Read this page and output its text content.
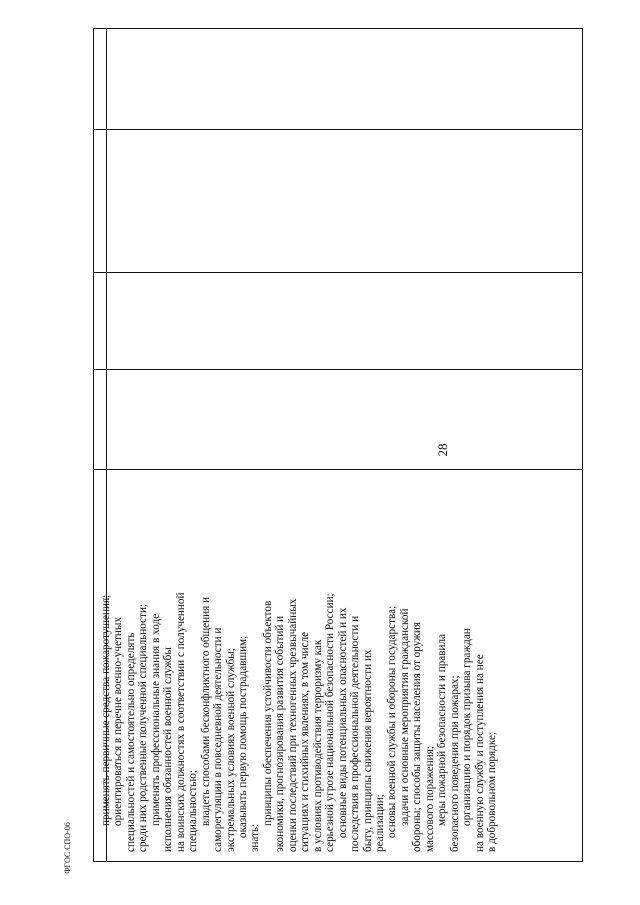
28

применять первичные средства пожаротушения; ориентироваться в перечне военно-учетных специальностей и самостоятельно определять среди них родственные полученной специальности; применять профессиональные знания в ходе исполнения обязанностей военной службы на воинских должностях в соответствии с полученной специальностью; владеть способами бесконфликтного общения и саморегуляции в повседневной деятельности и экстремальных условиях военной службы; оказывать первую помощь пострадавшим; знать:

принципы обеспечения устойчивости объектов экономики, прогнозирования развития событий и оценки последствий при техногенных чрезвычайных ситуациях и стихийных явлениях, в том числе в условиях противодействия терроризму как серьезной угрозе национальной безопасности России; основные виды потенциальных опасностей и их последствия в профессиональной деятельности и быту, принципы снижения вероятности их реализации; основы военной службы и обороны государства; задачи и основные мероприятия гражданской обороны; способы защиты населения от оружия массового поражения; меры пожарной безопасности и правила безопасного поведения при пожарах; организацию и порядок призыва граждан на военную службу и поступления на нее в добровольном порядке;

ФГОС СПО-06
